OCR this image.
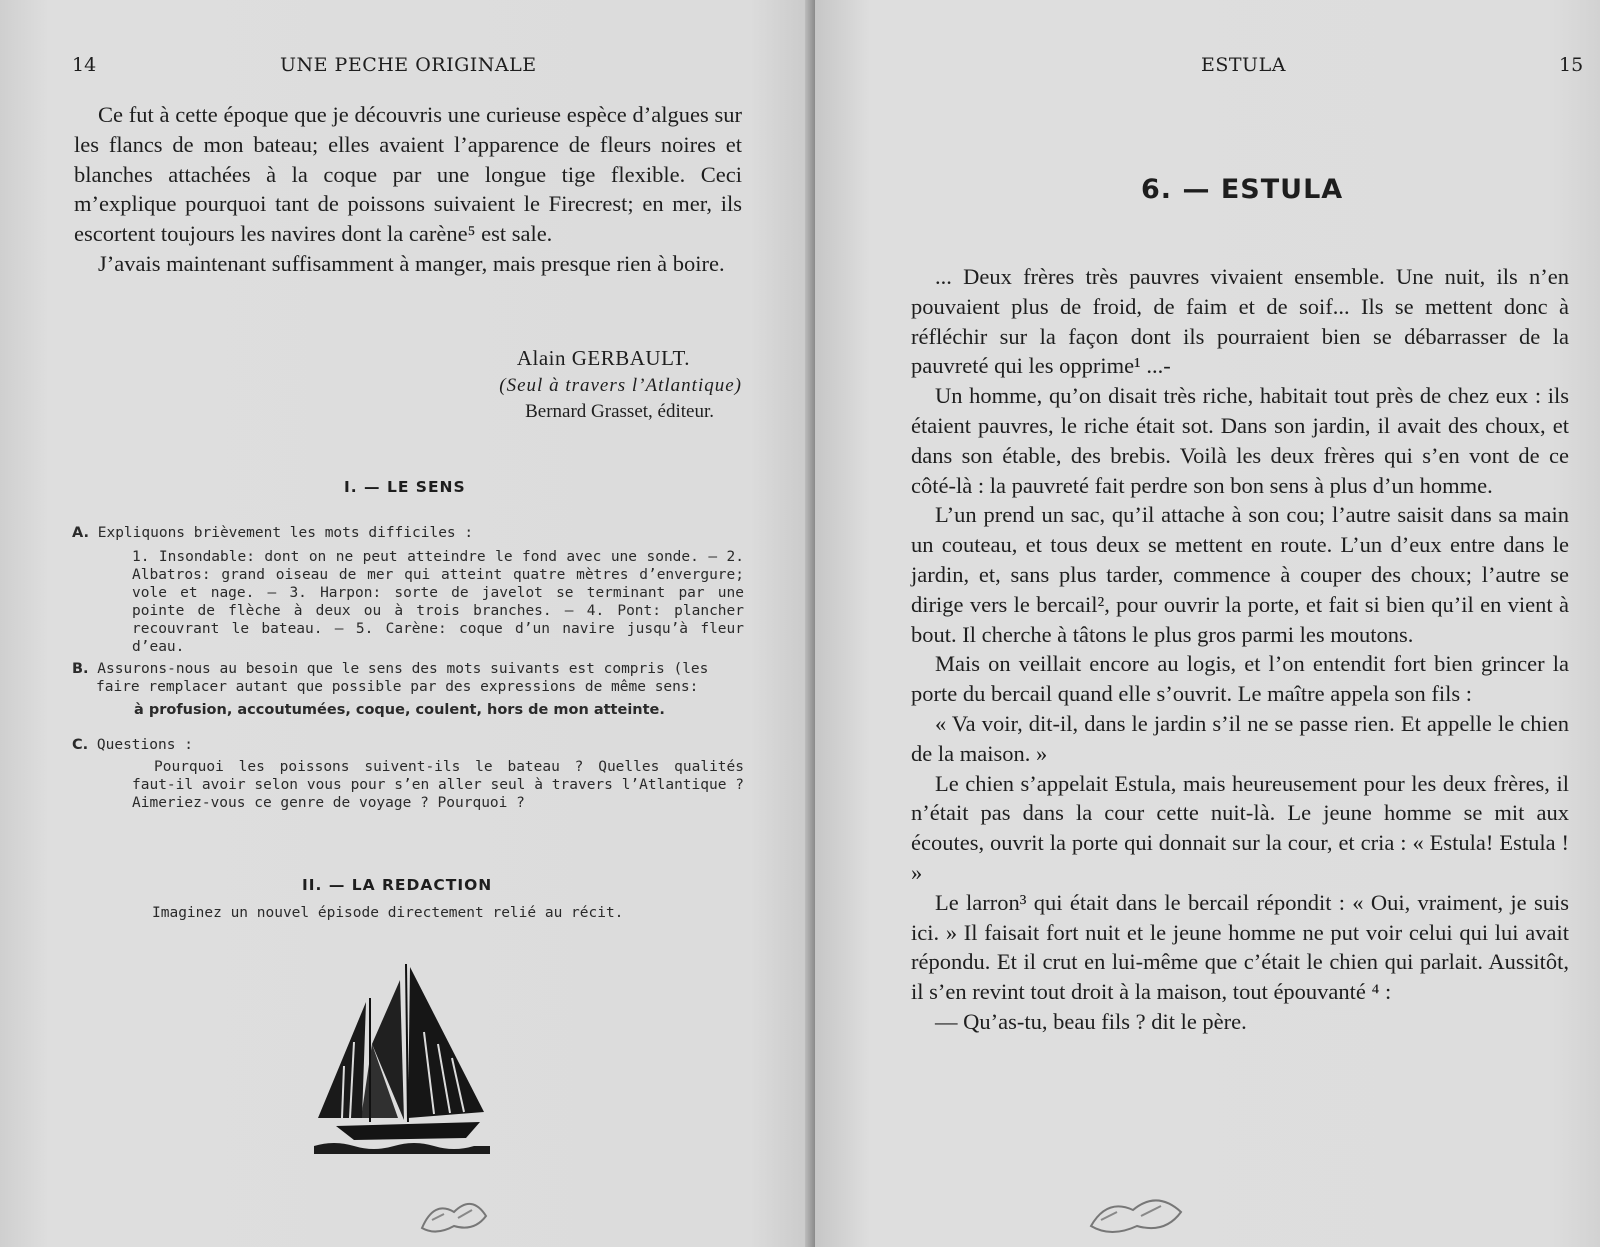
14	UNE PECHE ORIGINALE

Ce fut à cette époque que je découvris une curieuse espèce d’algues sur les flancs de mon bateau; elles avaient l’apparence de fleurs noires et blanches attachées à la coque par une longue tige flexible. Ceci m’explique pourquoi tant de poissons suivaient le Firecrest; en mer, ils escortent toujours les navires dont la carène⁵ est sale.

J’avais maintenant suffisamment à manger, mais presque rien à boire.

Alain GERBAULT.
(Seul à travers l’Atlantique)
Bernard Grasset, éditeur.
I. — LE SENS
A. Expliquons brièvement les mots difficiles :
1. Insondable: dont on ne peut atteindre le fond avec une sonde. — 2. Albatros: grand oiseau de mer qui atteint quatre mètres d’envergure; vole et nage. — 3. Harpon: sorte de javelot se terminant par une pointe de flèche à deux ou à trois branches. — 4. Pont: plancher recouvrant le bateau. — 5. Carène: coque d’un navire jusqu’à fleur d’eau.
B. Assurons-nous au besoin que le sens des mots suivants est compris (les faire remplacer autant que possible par des expressions de même sens:
à profusion, accoutumées, coque, coulent, hors de mon atteinte.
C. Questions :
Pourquoi les poissons suivent-ils le bateau ? Quelles qualités faut-il avoir selon vous pour s’en aller seul à travers l’Atlantique ? Aimeriez-vous ce genre de voyage ? Pourquoi ?
II. — LA REDACTION
Imaginez un nouvel épisode directement relié au récit.
ESTULA	15
6. — ESTULA

... Deux frères très pauvres vivaient ensemble. Une nuit, ils n’en pouvaient plus de froid, de faim et de soif... Ils se mettent donc à réfléchir sur la façon dont ils pourraient bien se débarrasser de la pauvreté qui les opprime¹ ...-

Un homme, qu’on disait très riche, habitait tout près de chez eux : ils étaient pauvres, le riche était sot. Dans son jardin, il avait des choux, et dans son étable, des brebis. Voilà les deux frères qui s’en vont de ce côté-là : la pauvreté fait perdre son bon sens à plus d’un homme.

L’un prend un sac, qu’il attache à son cou; l’autre saisit dans sa main un couteau, et tous deux se mettent en route. L’un d’eux entre dans le jardin, et, sans plus tarder, commence à couper des choux; l’autre se dirige vers le bercail², pour ouvrir la porte, et fait si bien qu’il en vient à bout. Il cherche à tâtons le plus gros parmi les moutons.

Mais on veillait encore au logis, et l’on entendit fort bien grincer la porte du bercail quand elle s’ouvrit. Le maître appela son fils :

« Va voir, dit-il, dans le jardin s’il ne se passe rien. Et appelle le chien de la maison. »

Le chien s’appelait Estula, mais heureusement pour les deux frères, il n’était pas dans la cour cette nuit-là. Le jeune homme se mit aux écoutes, ouvrit la porte qui donnait sur la cour, et cria : « Estula! Estula ! »

Le larron³ qui était dans le bercail répondit : « Oui, vraiment, je suis ici. » Il faisait fort nuit et le jeune homme ne put voir celui qui lui avait répondu. Et il crut en lui-même que c’était le chien qui parlait. Aussitôt, il s’en revint tout droit à la maison, tout épouvanté ⁴ :

— Qu’as-tu, beau fils ? dit le père.
